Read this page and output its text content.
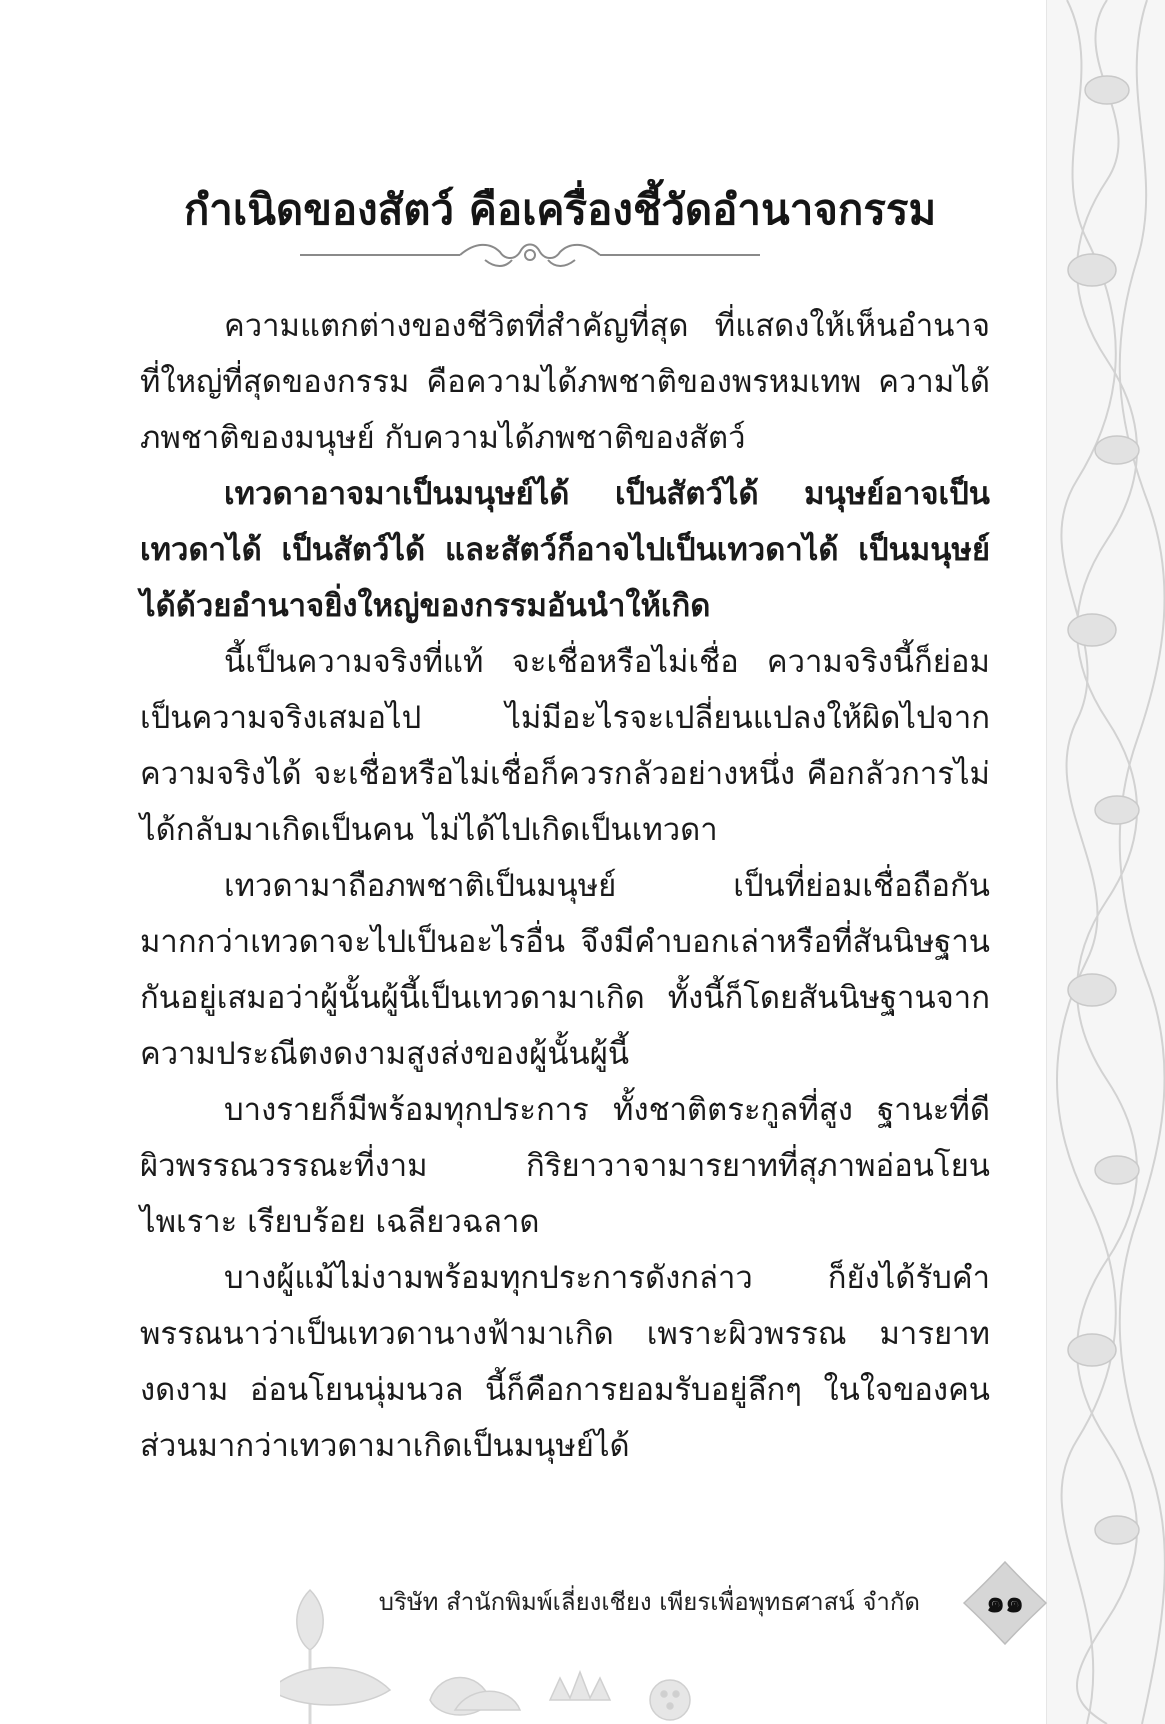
กำเนิดของสัตว์ คือเครื่องชี้วัดอำนาจกรรม

ความแตกต่างของชีวิตที่สำคัญที่สุด ที่แสดงให้เห็นอำนาจที่ใหญ่ที่สุดของกรรม คือความได้ภพชาติของพรหมเทพ ความได้ภพชาติของมนุษย์ กับความได้ภพชาติของสัตว์

เทวดาอาจมาเป็นมนุษย์ได้ เป็นสัตว์ได้ มนุษย์อาจเป็นเทวดาได้ เป็นสัตว์ได้ และสัตว์ก็อาจไปเป็นเทวดาได้ เป็นมนุษย์ได้ด้วยอำนาจยิ่งใหญ่ของกรรมอันนำให้เกิด

นี้เป็นความจริงที่แท้ จะเชื่อหรือไม่เชื่อ ความจริงนี้ก็ย่อมเป็นความจริงเสมอไป ไม่มีอะไรจะเปลี่ยนแปลงให้ผิดไปจากความจริงได้ จะเชื่อหรือไม่เชื่อก็ควรกลัวอย่างหนึ่ง คือกลัวการไม่ได้กลับมาเกิดเป็นคน ไม่ได้ไปเกิดเป็นเทวดา

เทวดามาถือภพชาติเป็นมนุษย์ เป็นที่ย่อมเชื่อถือกันมากกว่าเทวดาจะไปเป็นอะไรอื่น จึงมีคำบอกเล่าหรือที่สันนิษฐานกันอยู่เสมอว่าผู้นั้นผู้นี้เป็นเทวดามาเกิด ทั้งนี้ก็โดยสันนิษฐานจากความประณีตงดงามสูงส่งของผู้นั้นผู้นี้

บางรายก็มีพร้อมทุกประการ ทั้งชาติตระกูลที่สูง ฐานะที่ดี ผิวพรรณวรรณะที่งาม กิริยาวาจามารยาทที่สุภาพอ่อนโยนไพเราะ เรียบร้อย เฉลียวฉลาด

บางผู้แม้ไม่งามพร้อมทุกประการดังกล่าว ก็ยังได้รับคำพรรณนาว่าเป็นเทวดานางฟ้ามาเกิด เพราะผิวพรรณ มารยาทงดงาม อ่อนโยนนุ่มนวล นี้ก็คือการยอมรับอยู่ลึกๆ ในใจของคนส่วนมากว่าเทวดามาเกิดเป็นมนุษย์ได้

บริษัท สำนักพิมพ์เลี่ยงเชียง เพียรเพื่อพุทธศาสน์ จำกัด	๑๑
